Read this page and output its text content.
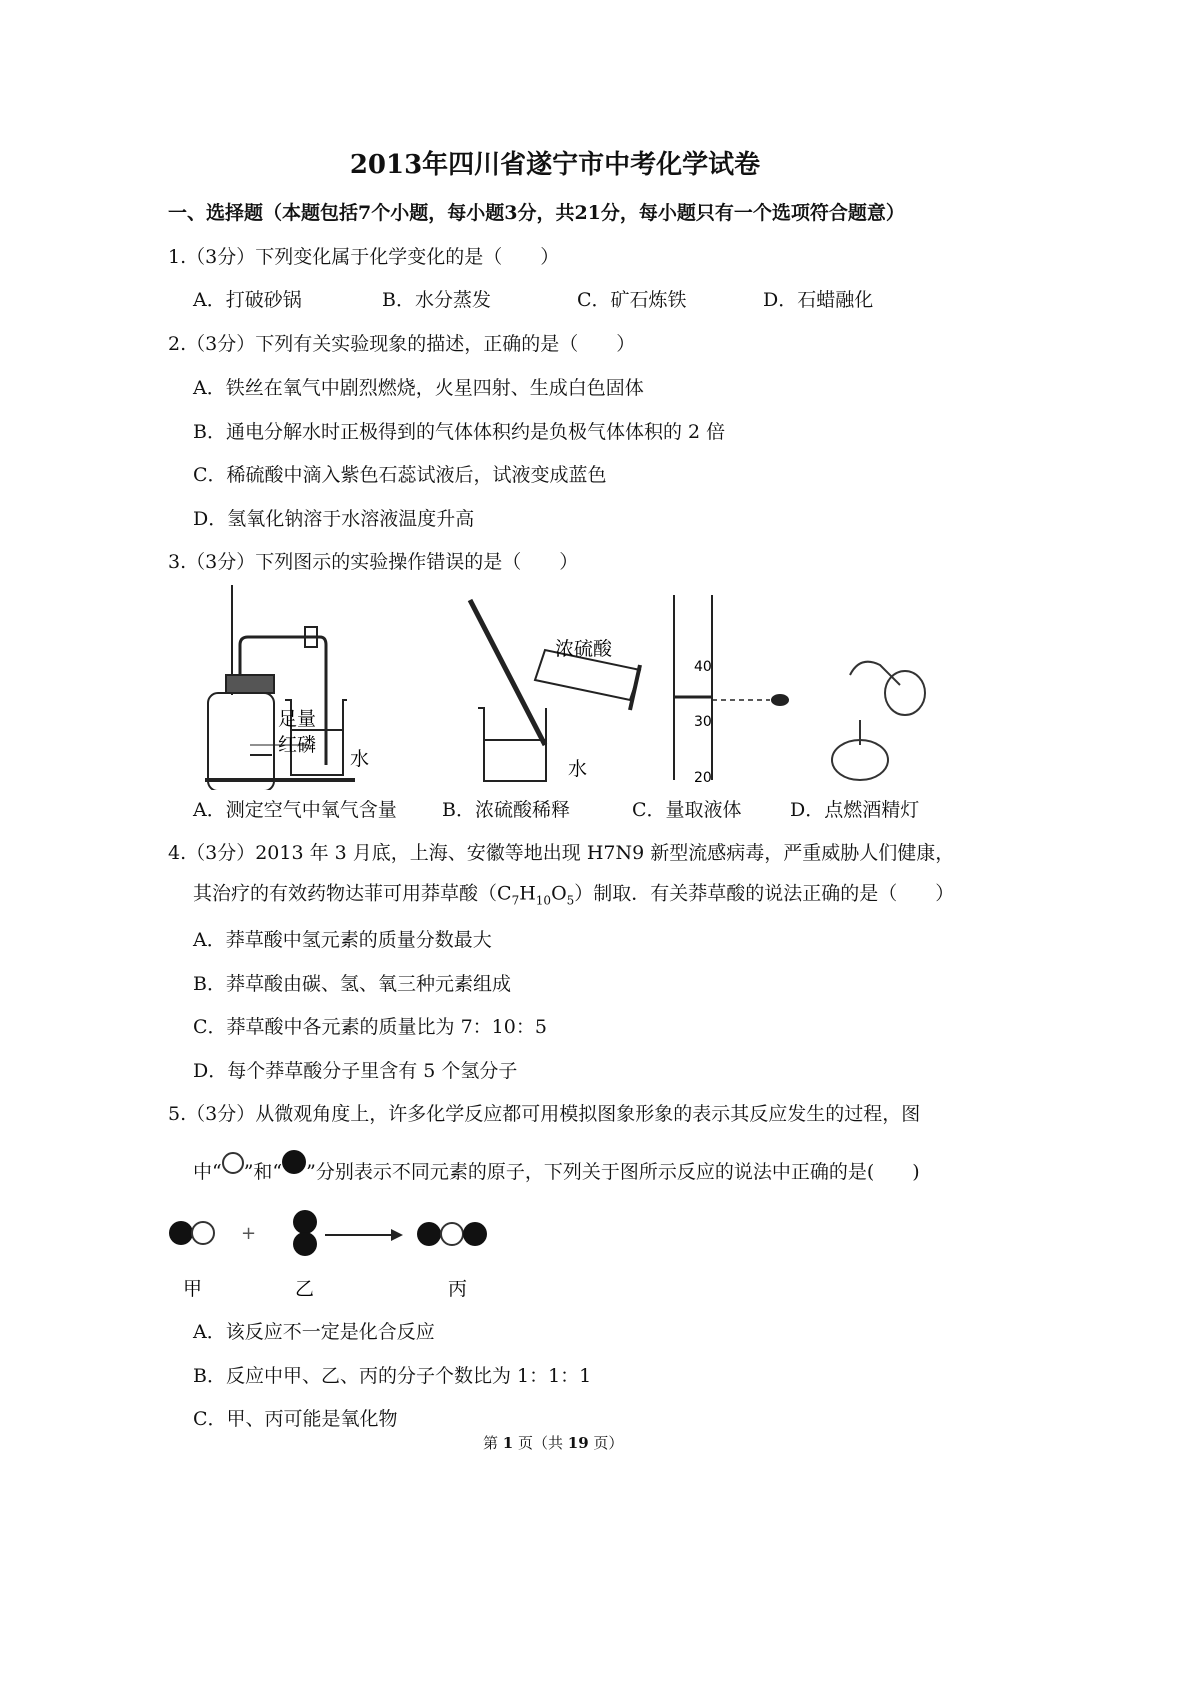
2013年四川省遂宁市中考化学试卷
一、选择题（本题包括7个小题，每小题3分，共21分，每小题只有一个选项符合题意）
1.（3分）下列变化属于化学变化的是（　　）
A．打破砂锅	B．水分蒸发	C．矿石炼铁	D．石蜡融化
2.（3分）下列有关实验现象的描述，正确的是（　　）
A．铁丝在氧气中剧烈燃烧，火星四射、生成白色固体
B．通电分解水时正极得到的气体体积约是负极气体体积的 2 倍
C．稀硫酸中滴入紫色石蕊试液后，试液变成蓝色
D．氢氧化钠溶于水溶液温度升高
3.（3分）下列图示的实验操作错误的是（　　）
足量
红磷
水
浓硫酸
水
40
30
20
A．测定空气中氧气含量 B．浓硫酸稀释	C．量取液体	D．点燃酒精灯
4.（3分）2013 年 3 月底，上海、安徽等地出现 H7N9 新型流感病毒，严重威胁人们健康，
其治疗的有效药物达菲可用莽草酸$(C_7H_{10}O_5)$制取．有关莽草酸的说法正确的是（　　）
A．莽草酸中氢元素的质量分数最大
B．莽草酸由碳、氢、氧三种元素组成
C．莽草酸中各元素的质量比为 7：10：5
D．每个莽草酸分子里含有 5 个氢分子
5.（3分）从微观角度上，许多化学反应都可用模拟图象形象的表示其反应发生的过程，图
中“ ”和“ ”分别表示不同元素的原子，下列关于图所示反应的说法中正确的是(　　)
+
甲	乙	丙
A．该反应不一定是化合反应
B．反应中甲、乙、丙的分子个数比为 1：1：1
C．甲、丙可能是氧化物
第 1 页（共 19 页）
